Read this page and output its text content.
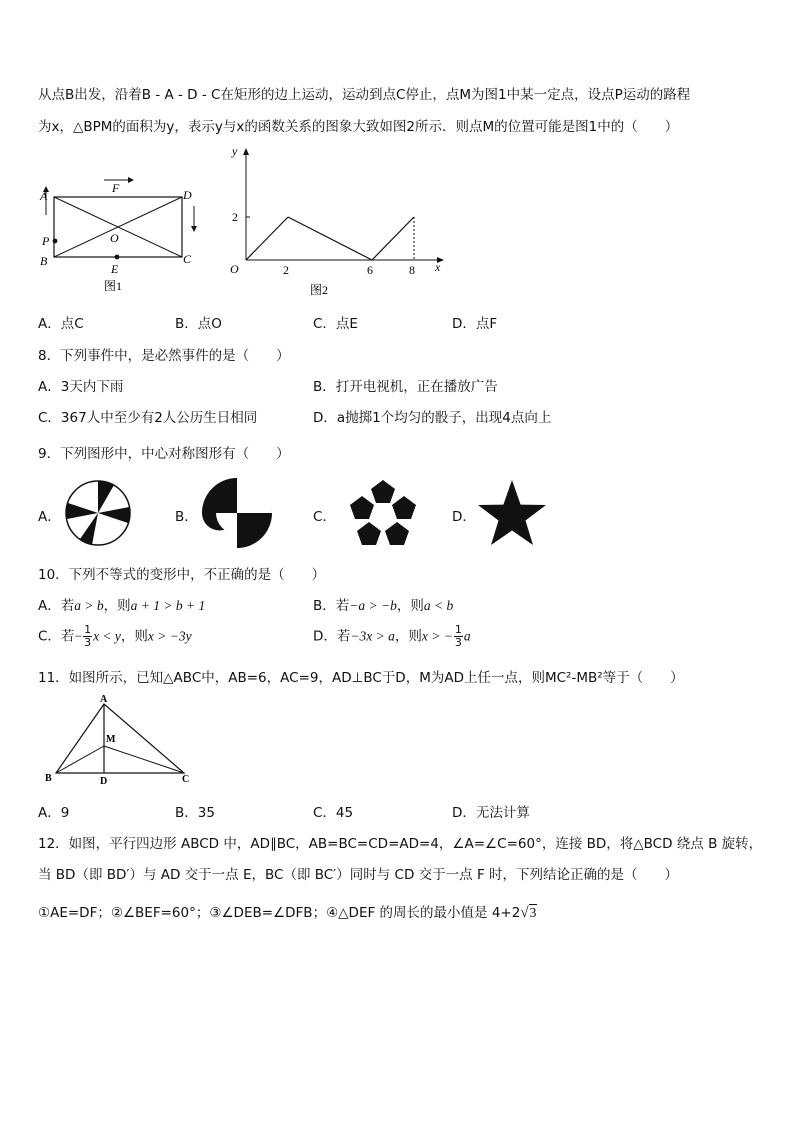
从点B出发，沿着B - A - D - C在矩形的边上运动，运动到点C停止，点M为图1中某一定点，设点P运动的路程
为x，△BPM的面积为y，表示y与x的函数关系的图象大致如图2所示．则点M的位置可能是图1中的（　　）
A	D
B	C
O
P
E
F
图1
y
x
O
2
2	6	8
图2
A．点C	B．点O	C．点E	D．点F
8．下列事件中，是必然事件的是（　　）
A．3天内下雨	B．打开电视机，正在播放广告
C．367人中至少有2人公历生日相同	D．a抛掷1个均匀的骰子，出现4点向上
9．下列图形中，中心对称图形有（　　）
A．	B．	C．	D．
10．下列不等式的变形中，不正确的是（　　）
A．若a > b，则a + 1 > b + 1	B．若−a > −b，则a < b
C．若− $\frac{1}{3}$ x < y，则x > −3y	D．若−3x > a，则x > − $\frac{1}{3}$ a
11．如图所示，已知△ABC中，AB=6，AC=9，AD⊥BC于D，M为AD上任一点，则MC²-MB²等于（　　）
A
B	C
D
M
A．9	B．35	C．45	D．无法计算
12．如图，平行四边形 ABCD 中，AD∥BC，AB=BC=CD=AD=4，∠A=∠C=60°，连接 BD，将△BCD 绕点 B 旋转，
当 BD（即 BD′）与 AD 交于一点 E，BC（即 BC′）同时与 CD 交于一点 F 时，下列结论正确的是（　　）
①AE=DF；②∠BEF=60°；③∠DEB=∠DFB；④△DEF 的周长的最小值是 4+2√3
